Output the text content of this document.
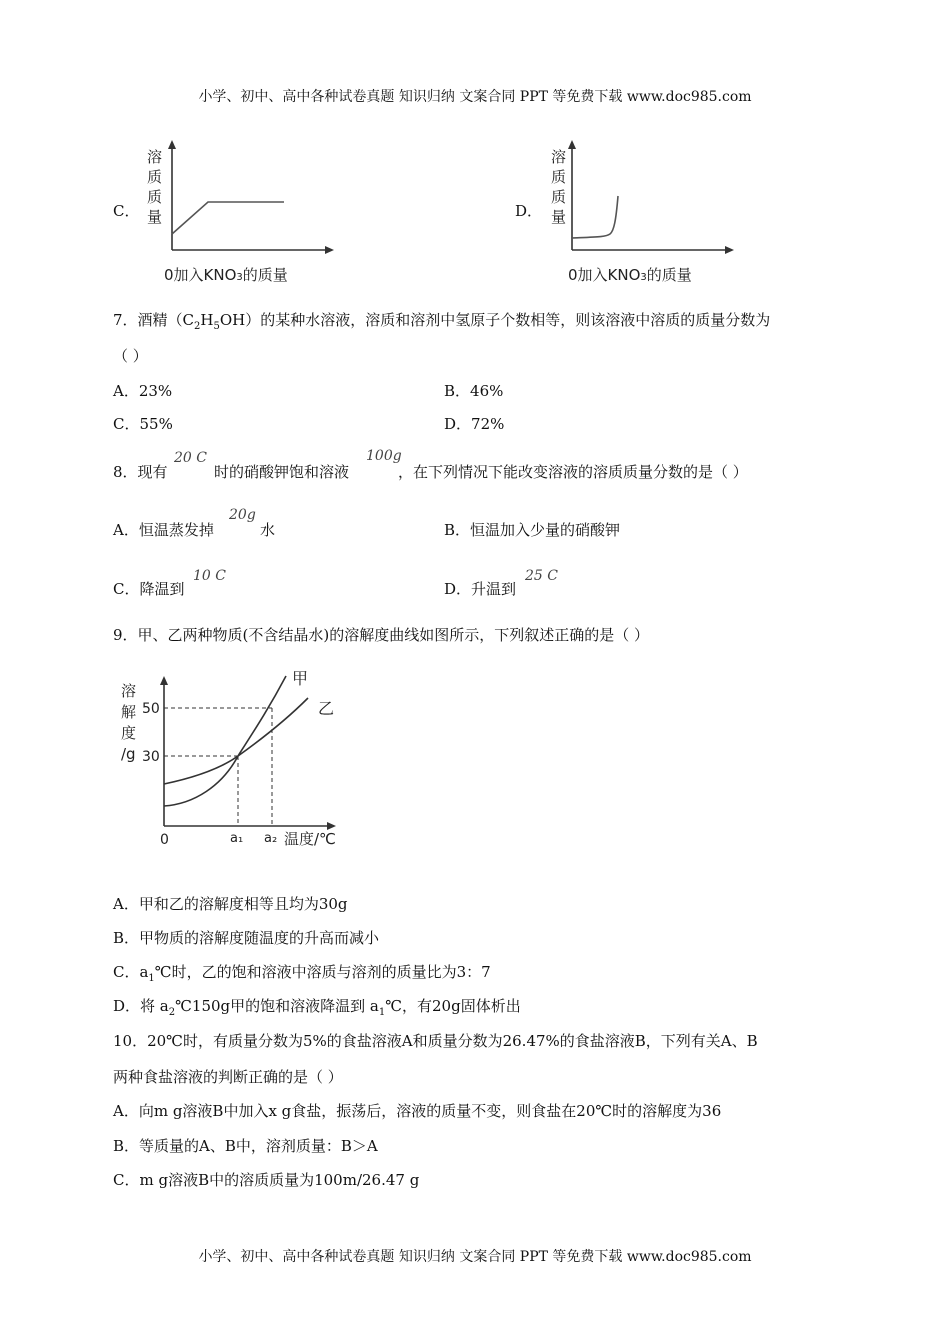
小学、初中、高中各种试卷真题 知识归纳 文案合同 PPT 等免费下载 www.doc985.com
C．
溶
质
质
量
0加入KNO3的质量
D．
溶
质
质
量
0加入KNO3的质量
7．酒精$(C_2H_5OH)$的某种水溶液，溶质和溶剂中氢原子个数相等，则该溶液中溶质的质量分数为
（ ）
A．23%	B．46%
C．55%	D．72%
8．现有
20 C
时的硝酸钾饱和溶液
100g
，在下列情况下能改变溶液的溶质质量分数的是（ ）
A．恒温蒸发掉
20g
水	B．恒温加入少量的硝酸钾
C．降温到
10 C
D．升温到
25 C
9．甲、乙两种物质(不含结晶水)的溶解度曲线如图所示，下列叙述正确的是（ ）
溶
解
度
/g
50
30
0
甲
乙
a₁ a₂ 温度/℃
A．甲和乙的溶解度相等且均为30g
B．甲物质的溶解度随温度的升高而减小
C．$a_1℃$时，乙的饱和溶液中溶质与溶剂的质量比为3：7
D．将 $a_2℃150g$甲的饱和溶液降温到 $a_1℃$，有20g固体析出
10．20℃时，有质量分数为5%的食盐溶液A和质量分数为26.47%的食盐溶液B，下列有关A、B
两种食盐溶液的判断正确的是（ ）
A．向m g溶液B中加入x g食盐，振荡后，溶液的质量不变，则食盐在20℃时的溶解度为36
B．等质量的A、B中，溶剂质量：B＞A
C．m g溶液B中的溶质质量为100m/26.47 g
小学、初中、高中各种试卷真题 知识归纳 文案合同 PPT 等免费下载 www.doc985.com
